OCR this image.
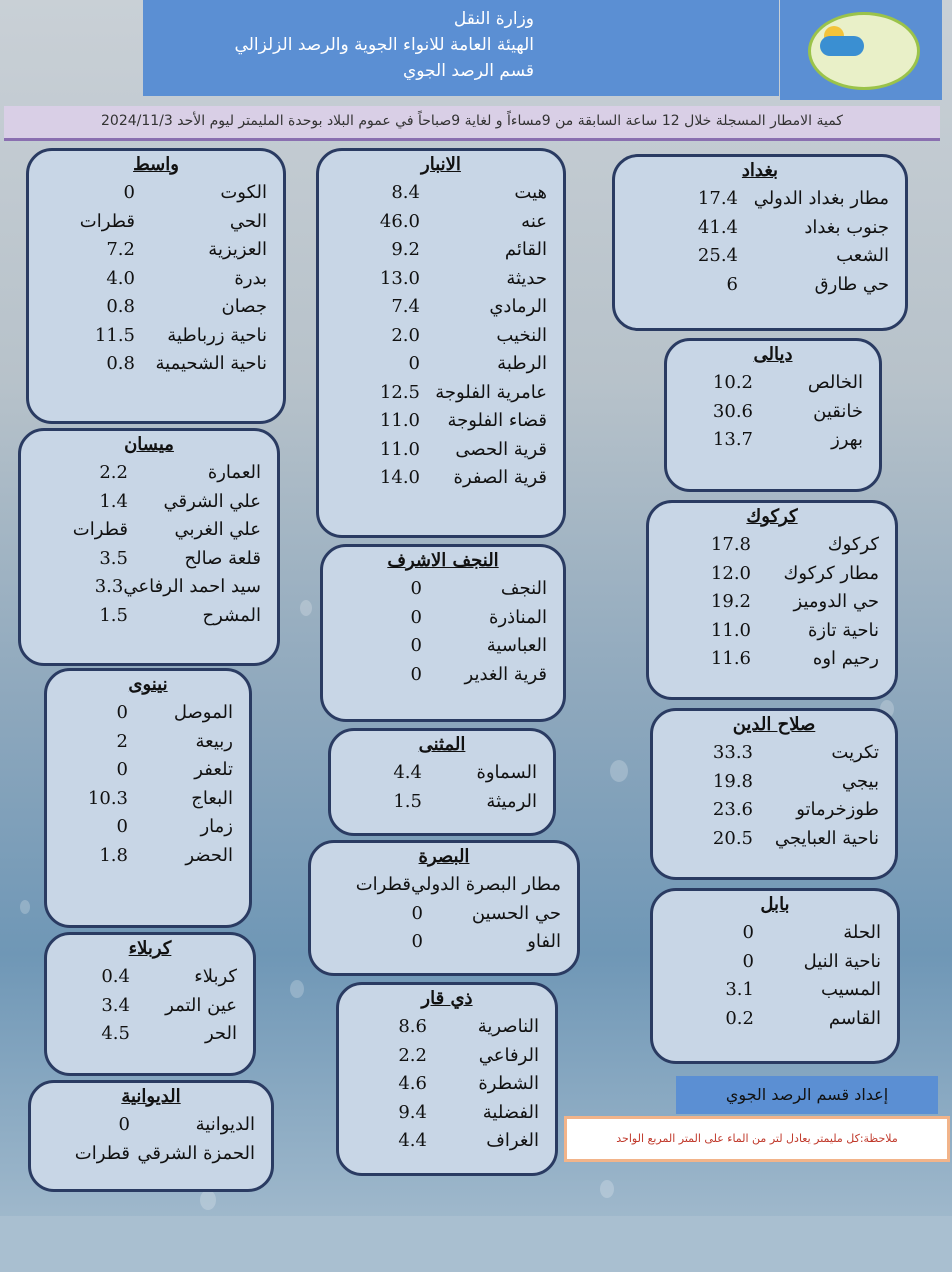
وزارة النقل
الهيئة العامة للانواء الجوية والرصد الزلزالي
قسم الرصد الجوي
كمية الامطار المسجلة خلال 12 ساعة السابقة من 9مساءاً و لغاية 9صباحاً في عموم البلاد بوحدة المليمتر ليوم الأحد 2024/11/3
بغداد
مطار بغداد الدولي
17.4
جنوب بغداد
41.4
الشعب
25.4
حي طارق
6
ديالى
الخالص
10.2
خانقين
30.6
بهرز
13.7
كركوك
كركوك
17.8
مطار كركوك
12.0
حي الدوميز
19.2
ناحية تازة
11.0
رحيم اوه
11.6
صلاح الدين
تكريت
33.3
بيجي
19.8
طوزخرماتو
23.6
ناحية العبايجي
20.5
بابل
الحلة
0
ناحية النيل
0
المسيب
3.1
القاسم
0.2
الانبار
هيت
8.4
عنه
46.0
القائم
9.2
حديثة
13.0
الرمادي
7.4
النخيب
2.0
الرطبة
0
عامرية الفلوجة
12.5
قضاء الفلوجة
11.0
قرية الحصى
11.0
قرية الصفرة
14.0
النجف الاشرف
النجف
0
المناذرة
0
العباسية
0
قرية الغدير
0
المثنى
السماوة
4.4
الرميثة
1.5
البصرة
مطار البصرة الدولي
قطرات
حي الحسين
0
الفاو
0
ذي قار
الناصرية
8.6
الرفاعي
2.2
الشطرة
4.6
الفضلية
9.4
الغراف
4.4
واسط
الكوت
0
الحي
قطرات
العزيزية
7.2
بدرة
4.0
جصان
0.8
ناحية زرباطية
11.5
ناحية الشحيمية
0.8
ميسان
العمارة
2.2
علي الشرقي
1.4
علي الغربي
قطرات
قلعة صالح
3.5
سيد احمد الرفاعي
3.3
المشرح
1.5
نينوى
الموصل
0
ربيعة
2
تلعفر
0
البعاج
10.3
زمار
0
الحضر
1.8
كربلاء
كربلاء
0.4
عين التمر
3.4
الحر
4.5
الديوانية
الديوانية
0
الحمزة الشرقي
قطرات
إعداد قسم الرصد الجوي
ملاحظة:كل مليمتر يعادل لتر من الماء على المتر المربع الواحد
